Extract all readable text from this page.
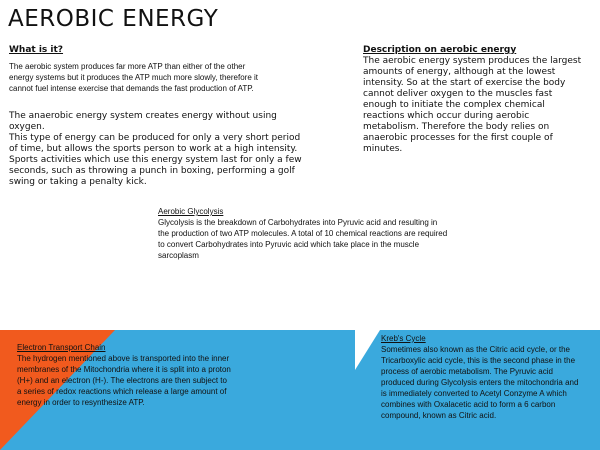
AEROBIC ENERGY
What is it?
The aerobic system produces far more ATP than either of the other energy systems but it produces the ATP much more slowly, therefore it cannot fuel intense exercise that demands the fast production of ATP.
The anaerobic energy system creates energy without using oxygen.
This type of energy can be produced for only a very short period
of time, but allows the sports person to work at a high intensity.
Sports activities which use this energy system last for only a few
seconds, such as throwing a punch in boxing, performing a golf
swing or taking a penalty kick.
Description on aerobic energy
The aerobic energy system produces the largest amounts of energy, although at the lowest intensity. So at the start of exercise the body cannot deliver oxygen to the muscles fast enough to initiate the complex chemical reactions which occur during aerobic metabolism. Therefore the body relies on anaerobic processes for the first couple of minutes.
Aerobic Glycolysis
Glycolysis is the breakdown of Carbohydrates into Pyruvic acid and resulting in the production of two ATP molecules. A total of 10 chemical reactions are required to convert Carbohydrates into Pyruvic acid which take place in the muscle sarcoplasm
Electron Transport Chain
The hydrogen mentioned above is transported into the inner membranes of the Mitochondria where it is split into a proton (H+) and an electron (H-). The electrons are then subject to a series of redox reactions which release a large amount of energy in order to resynthesize ATP.
Kreb's Cycle
Sometimes also known as the Citric acid cycle, or the Tricarboxylic acid cycle, this is the second phase in the process of aerobic metabolism. The Pyruvic acid produced during Glycolysis enters the mitochondria and is immediately converted to Acetyl Conzyme A which combines with Oxalacetic acid to form a 6 carbon compound, known as Citric acid.
